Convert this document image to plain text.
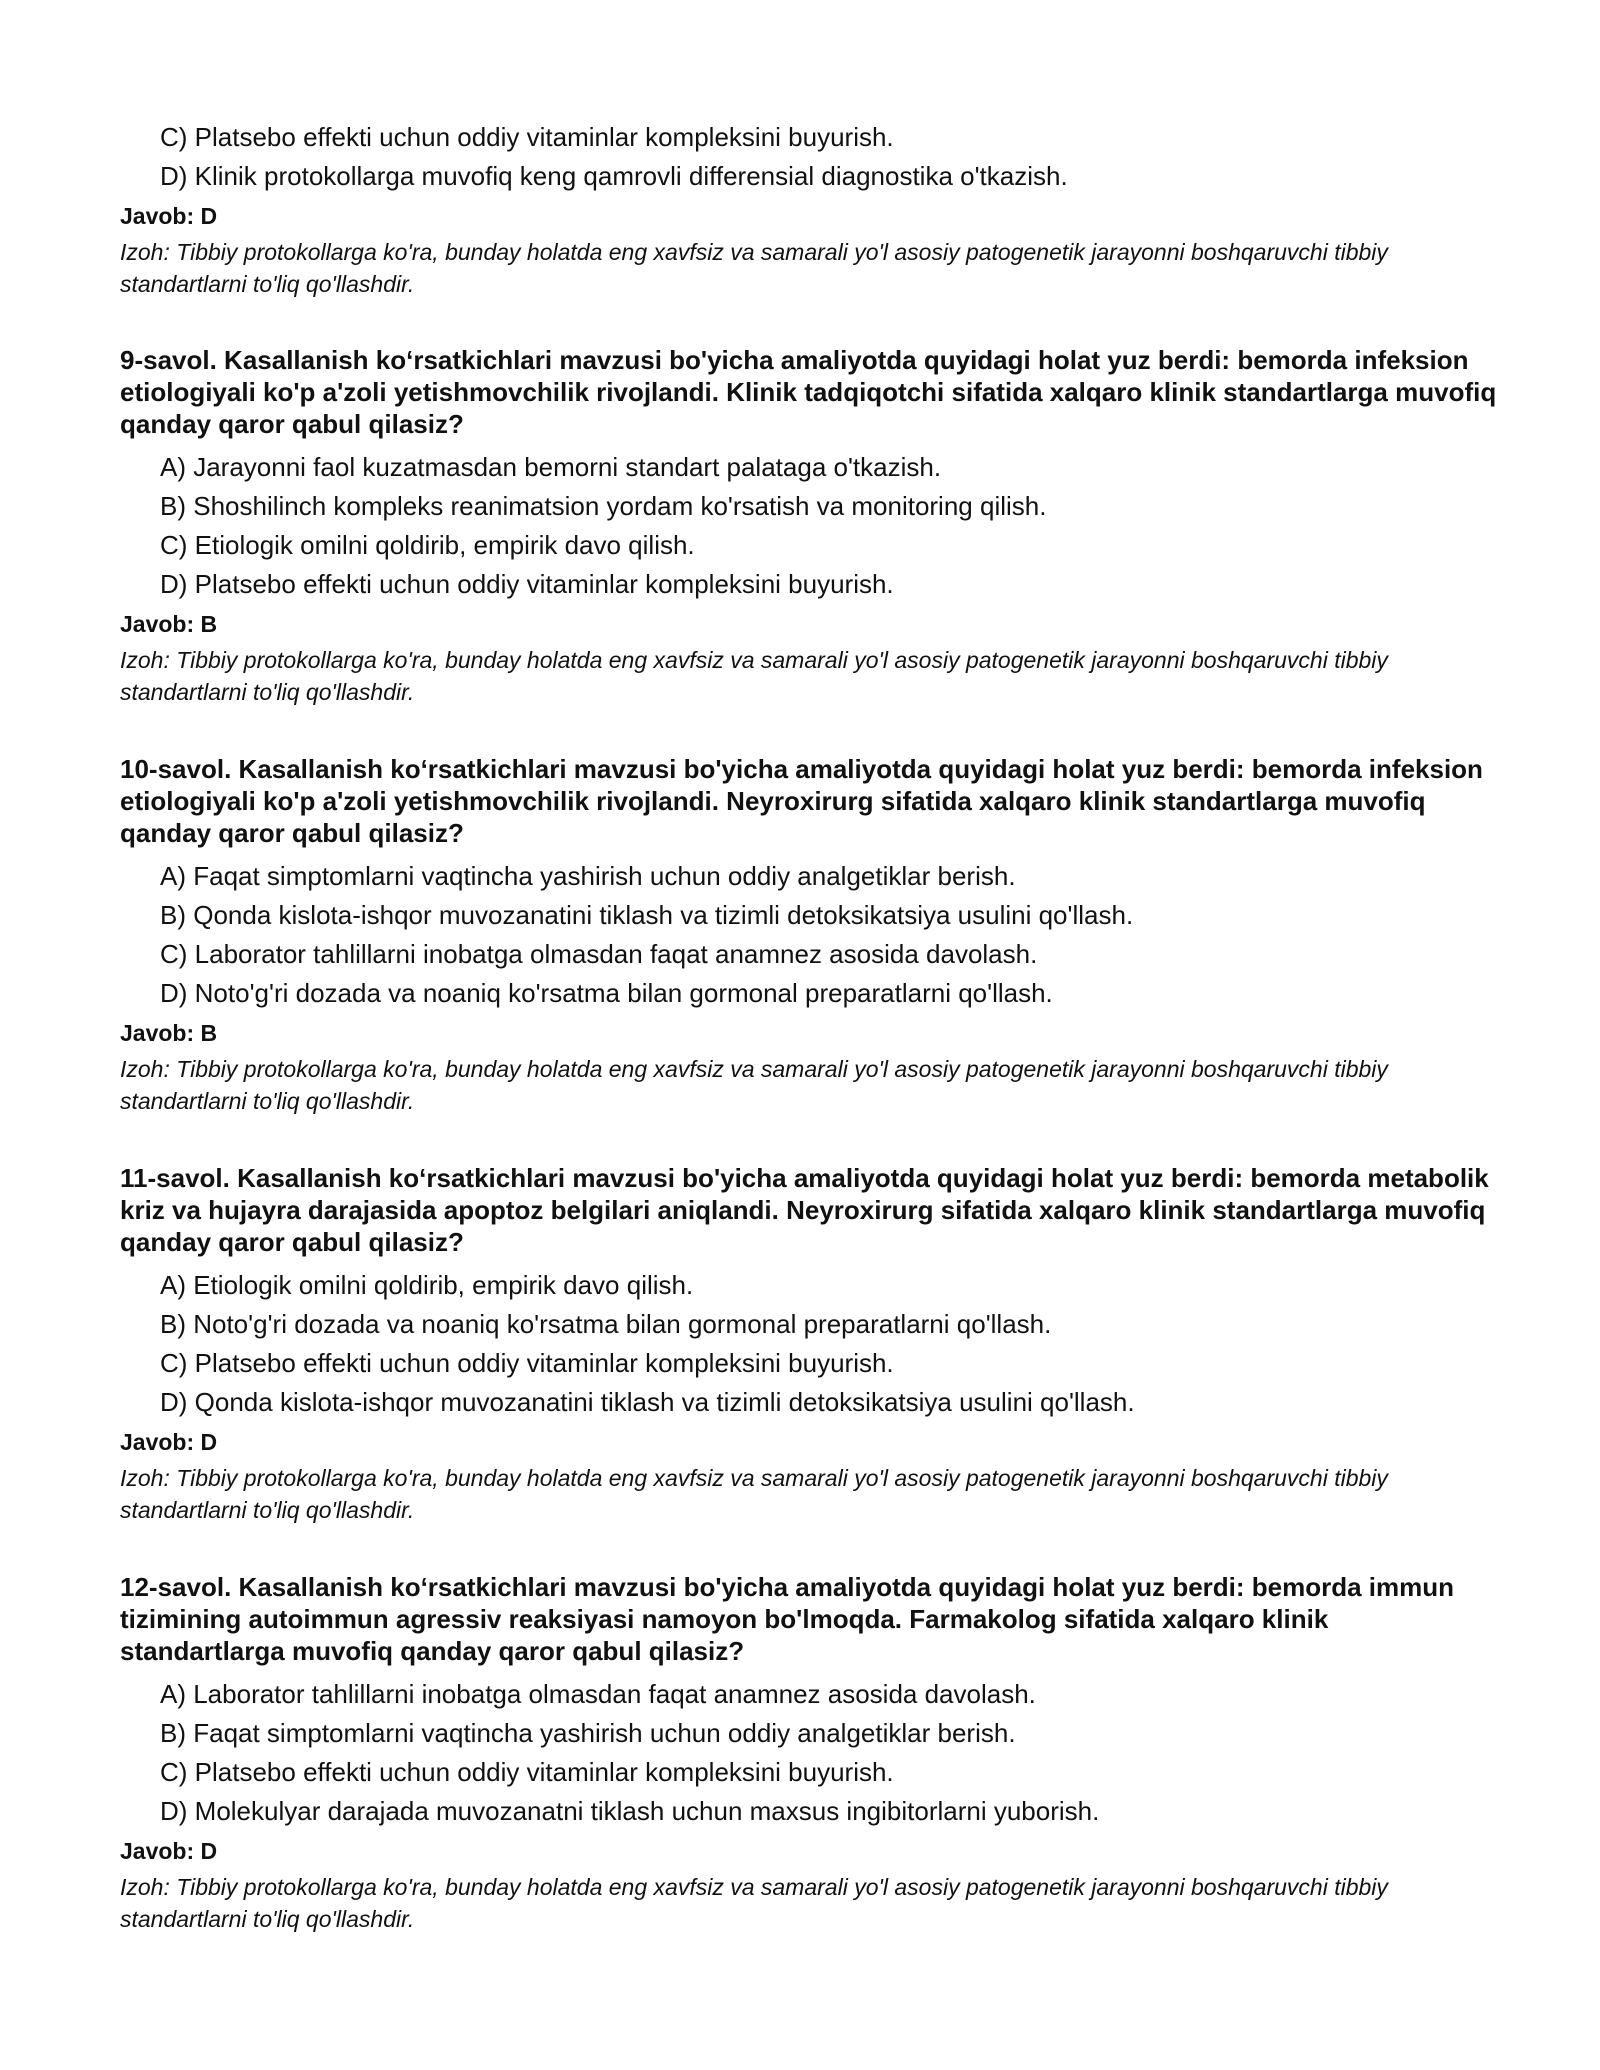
C) Platsebo effekti uchun oddiy vitaminlar kompleksini buyurish.
D) Klinik protokollarga muvofiq keng qamrovli differensial diagnostika o'tkazish.
Javob: D
Izoh: Tibbiy protokollarga ko'ra, bunday holatda eng xavfsiz va samarali yo'l asosiy patogenetik jarayonni boshqaruvchi tibbiy standartlarni to'liq qo'llashdir.
9-savol. Kasallanish ko‘rsatkichlari mavzusi bo'yicha amaliyotda quyidagi holat yuz berdi: bemorda infeksion etiologiyali ko'p a'zoli yetishmovchilik rivojlandi. Klinik tadqiqotchi sifatida xalqaro klinik standartlarga muvofiq qanday qaror qabul qilasiz?
A) Jarayonni faol kuzatmasdan bemorni standart palataga o'tkazish.
B) Shoshilinch kompleks reanimatsion yordam ko'rsatish va monitoring qilish.
C) Etiologik omilni qoldirib, empirik davo qilish.
D) Platsebo effekti uchun oddiy vitaminlar kompleksini buyurish.
Javob: B
Izoh: Tibbiy protokollarga ko'ra, bunday holatda eng xavfsiz va samarali yo'l asosiy patogenetik jarayonni boshqaruvchi tibbiy standartlarni to'liq qo'llashdir.
10-savol. Kasallanish ko‘rsatkichlari mavzusi bo'yicha amaliyotda quyidagi holat yuz berdi: bemorda infeksion etiologiyali ko'p a'zoli yetishmovchilik rivojlandi. Neyroxirurg sifatida xalqaro klinik standartlarga muvofiq qanday qaror qabul qilasiz?
A) Faqat simptomlarni vaqtincha yashirish uchun oddiy analgetiklar berish.
B) Qonda kislota-ishqor muvozanatini tiklash va tizimli detoksikatsiya usulini qo'llash.
C) Laborator tahlillarni inobatga olmasdan faqat anamnez asosida davolash.
D) Noto'g'ri dozada va noaniq ko'rsatma bilan gormonal preparatlarni qo'llash.
Javob: B
Izoh: Tibbiy protokollarga ko'ra, bunday holatda eng xavfsiz va samarali yo'l asosiy patogenetik jarayonni boshqaruvchi tibbiy standartlarni to'liq qo'llashdir.
11-savol. Kasallanish ko‘rsatkichlari mavzusi bo'yicha amaliyotda quyidagi holat yuz berdi: bemorda metabolik kriz va hujayra darajasida apoptoz belgilari aniqlandi. Neyroxirurg sifatida xalqaro klinik standartlarga muvofiq qanday qaror qabul qilasiz?
A) Etiologik omilni qoldirib, empirik davo qilish.
B) Noto'g'ri dozada va noaniq ko'rsatma bilan gormonal preparatlarni qo'llash.
C) Platsebo effekti uchun oddiy vitaminlar kompleksini buyurish.
D) Qonda kislota-ishqor muvozanatini tiklash va tizimli detoksikatsiya usulini qo'llash.
Javob: D
Izoh: Tibbiy protokollarga ko'ra, bunday holatda eng xavfsiz va samarali yo'l asosiy patogenetik jarayonni boshqaruvchi tibbiy standartlarni to'liq qo'llashdir.
12-savol. Kasallanish ko‘rsatkichlari mavzusi bo'yicha amaliyotda quyidagi holat yuz berdi: bemorda immun tizimining autoimmun agressiv reaksiyasi namoyon bo'lmoqda. Farmakolog sifatida xalqaro klinik standartlarga muvofiq qanday qaror qabul qilasiz?
A) Laborator tahlillarni inobatga olmasdan faqat anamnez asosida davolash.
B) Faqat simptomlarni vaqtincha yashirish uchun oddiy analgetiklar berish.
C) Platsebo effekti uchun oddiy vitaminlar kompleksini buyurish.
D) Molekulyar darajada muvozanatni tiklash uchun maxsus ingibitorlarni yuborish.
Javob: D
Izoh: Tibbiy protokollarga ko'ra, bunday holatda eng xavfsiz va samarali yo'l asosiy patogenetik jarayonni boshqaruvchi tibbiy standartlarni to'liq qo'llashdir.
